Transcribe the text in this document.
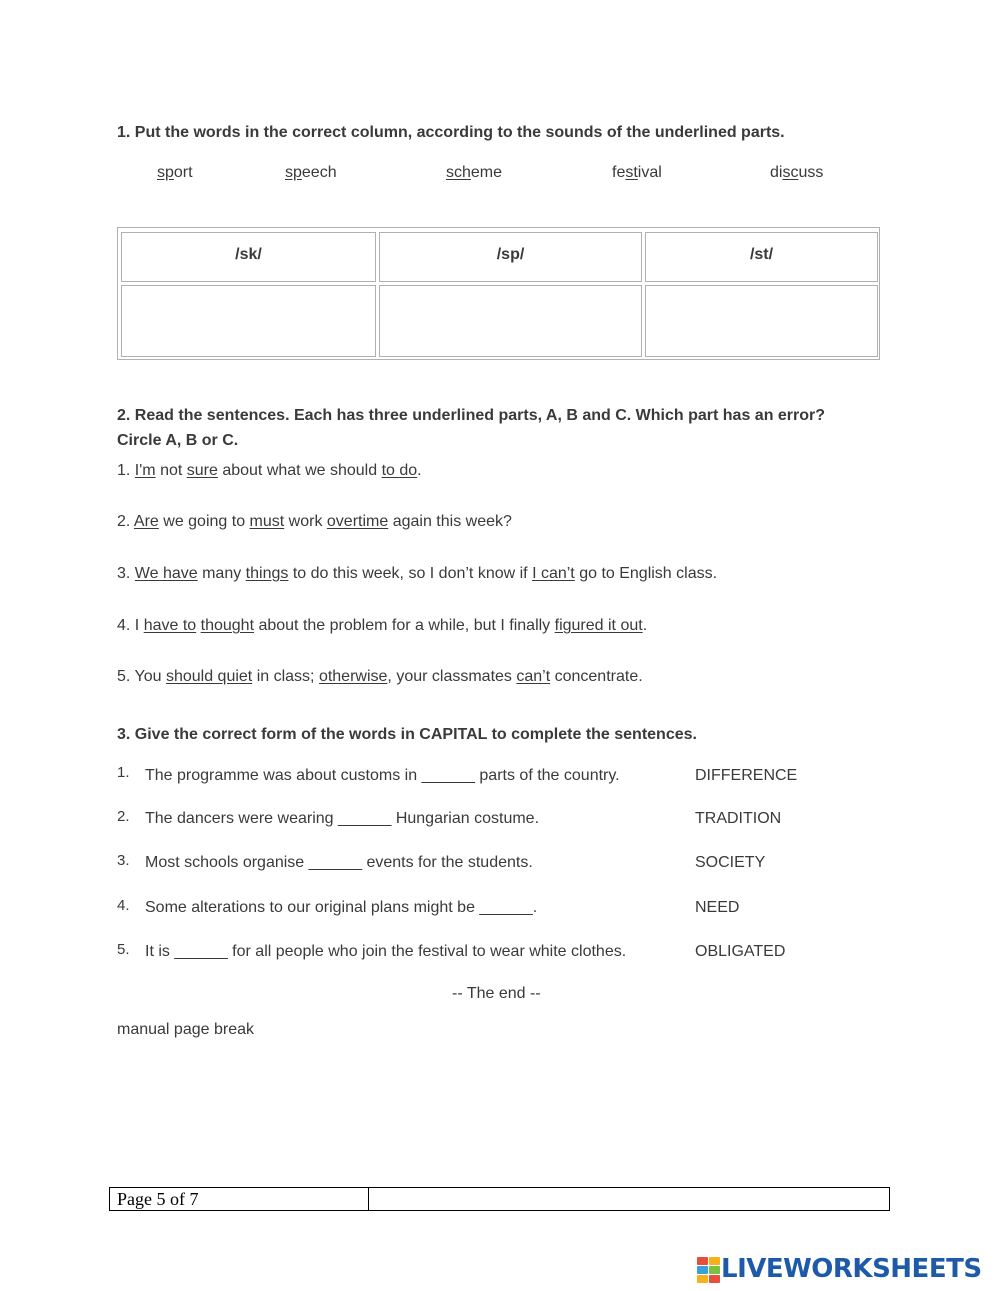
1. Put the words in the correct column, according to the sounds of the underlined parts.
sport	speech	scheme	festival	discuss
/sk/	/sp/	/st/
2. Read the sentences. Each has three underlined parts, A, B and C. Which part has an error?
Circle A, B or C.
1. I'm not sure about what we should to do.
2. Are we going to must work overtime again this week?
3. We have many things to do this week, so I don’t know if I can’t go to English class.
4. I have to thought about the problem for a while, but I finally figured it out.
5. You should quiet in class; otherwise, your classmates can’t concentrate.
3. Give the correct form of the words in CAPITAL to complete the sentences.
1. The programme was about customs in ______ parts of the country.	DIFFERENCE
2. The dancers were wearing ______ Hungarian costume.	TRADITION
3. Most schools organise ______ events for the students.	SOCIETY
4. Some alterations to our original plans might be ______.	NEED
5. It is ______ for all people who join the festival to wear white clothes.	OBLIGATED
-- The end --
manual page break
Page 5 of 7
LIVEWORKSHEETS
